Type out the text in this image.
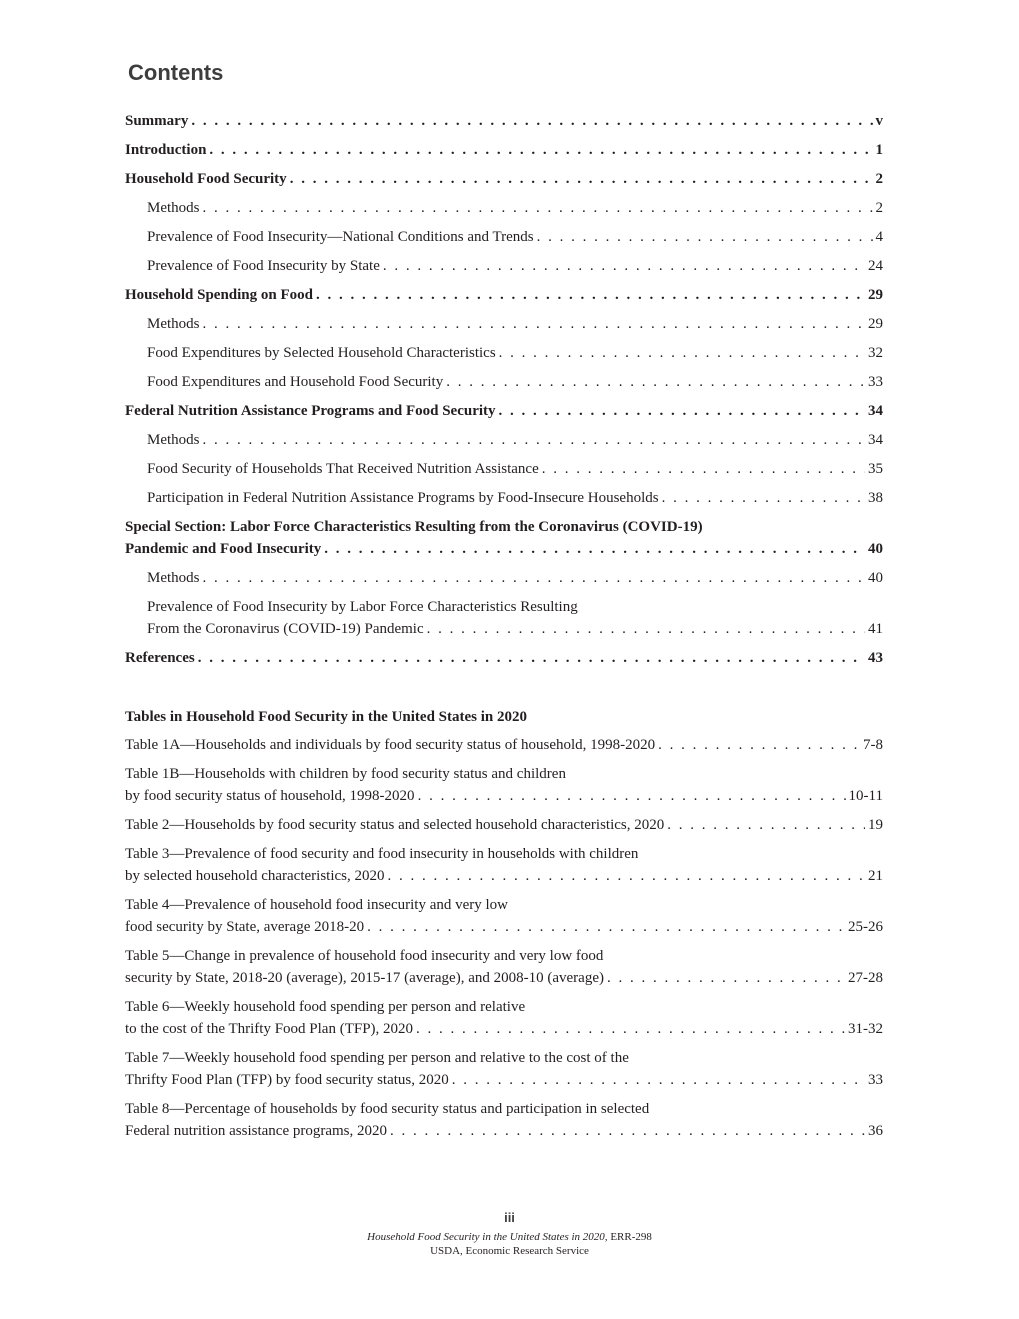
Contents
Summary . . .	v
Introduction . . .	1
Household Food Security . . .	2
Methods . . .	2
Prevalence of Food Insecurity—National Conditions and Trends . . .	4
Prevalence of Food Insecurity by State . . .	24
Household Spending on Food . . .	29
Methods . . .	29
Food Expenditures by Selected Household Characteristics . . .	32
Food Expenditures and Household Food Security . . .	33
Federal Nutrition Assistance Programs and Food Security . . .	34
Methods . . .	34
Food Security of Households That Received Nutrition Assistance . . .	35
Participation in Federal Nutrition Assistance Programs by Food-Insecure Households . . .	38
Special Section: Labor Force Characteristics Resulting from the Coronavirus (COVID-19)
Pandemic and Food Insecurity . . .	40
Methods . . .	40
Prevalence of Food Insecurity by Labor Force Characteristics Resulting
From the Coronavirus (COVID-19) Pandemic . . .	41
References . . .	43
Tables in Household Food Security in the United States in 2020
Table 1A—Households and individuals by food security status of household, 1998-2020 . . .	7-8
Table 1B—Households with children by food security status and children
by food security status of household, 1998-2020 . . .	10-11
Table 2—Households by food security status and selected household characteristics, 2020 . . .	19
Table 3—Prevalence of food security and food insecurity in households with children
by selected household characteristics, 2020 . . .	21
Table 4—Prevalence of household food insecurity and very low
food security by State, average 2018-20 . . .	25-26
Table 5—Change in prevalence of household food insecurity and very low food
security by State, 2018-20 (average), 2015-17 (average), and 2008-10 (average) . . .	27-28
Table 6—Weekly household food spending per person and relative
to the cost of the Thrifty Food Plan (TFP), 2020 . . .	31-32
Table 7—Weekly household food spending per person and relative to the cost of the
Thrifty Food Plan (TFP) by food security status, 2020 . . .	33
Table 8—Percentage of households by food security status and participation in selected
Federal nutrition assistance programs, 2020 . . .	36
iii
Household Food Security in the United States in 2020, ERR-298
USDA, Economic Research Service
